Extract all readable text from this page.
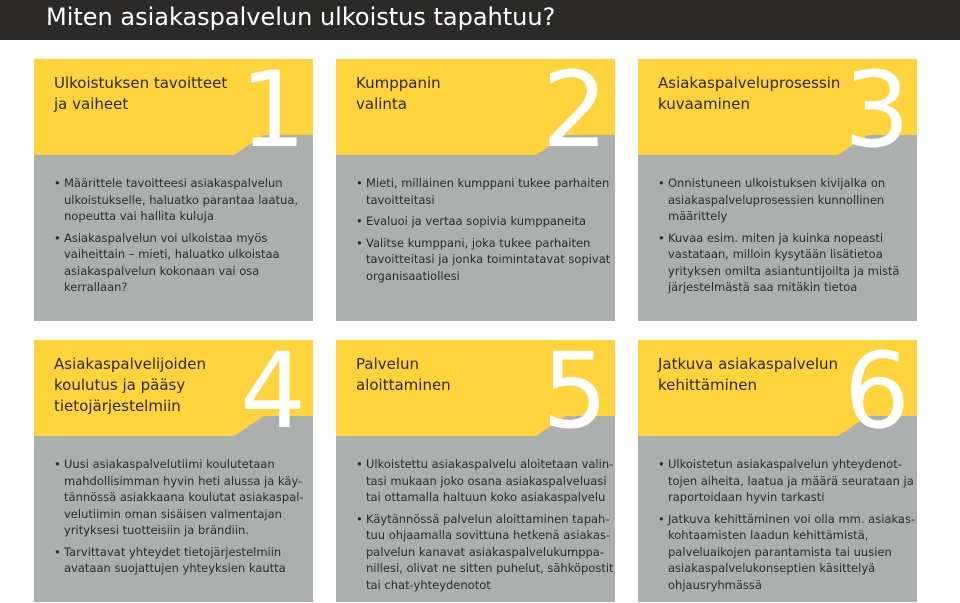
Miten asiakaspalvelun ulkoistus tapahtuu?
1
Ulkoistuksen tavoitteet
ja vaiheet
• Määrittele tavoitteesi asiakaspalvelun
ulkoistukselle, haluatko parantaa laatua,
nopeutta vai hallita kuluja
• Asiakaspalvelun voi ulkoistaa myös
vaiheittain – mieti, haluatko ulkoistaa
asiakaspalvelun kokonaan vai osa
kerrallaan?
2
Kumppanin
valinta
• Mieti, millainen kumppani tukee parhaiten
tavoitteitasi
• Evaluoi ja vertaa sopivia kumppaneita
• Valitse kumppani, joka tukee parhaiten
tavoitteitasi ja jonka toimintatavat sopivat
organisaatiollesi
3
Asiakaspalveluprosessin
kuvaaminen
• Onnistuneen ulkoistuksen kivijalka on
asiakaspalveluprosessien kunnollinen
määrittely
• Kuvaa esim. miten ja kuinka nopeasti
vastataan, milloin kysytään lisätietoa
yrityksen omilta asiantuntijoilta ja mistä
järjestelmästä saa mitäkin tietoa
4
Asiakaspalvelijoiden
koulutus ja pääsy
tietojärjestelmiin
• Uusi asiakaspalvelutiimi koulutetaan
mahdollisimman hyvin heti alussa ja käy-
tännössä asiakkaana koulutat asiakaspal-
velutiimin oman sisäisen valmentajan
yrityksesi tuotteisiin ja brändiin.
• Tarvittavat yhteydet tietojärjestelmiin
avataan suojattujen yhteyksien kautta
5
Palvelun
aloittaminen
• Ulkoistettu asiakaspalvelu aloitetaan valin-
tasi mukaan joko osana asiakaspalveluasi
tai ottamalla haltuun koko asiakaspalvelu
• Käytännössä palvelun aloittaminen tapah-
tuu ohjaamalla sovittuna hetkenä asiakas-
palvelun kanavat asiakaspalvelukumppa-
nillesi, olivat ne sitten puhelut, sähköpostit
tai chat-yhteydenotot
6
Jatkuva asiakaspalvelun
kehittäminen
• Ulkoistetun asiakaspalvelun yhteydenot-
tojen aiheita, laatua ja määrä seurataan ja
raportoidaan hyvin tarkasti
• Jatkuva kehittäminen voi olla mm. asiakas-
kohtaamisten laadun kehittämistä,
palveluaikojen parantamista tai uusien
asiakaspalvelukonseptien käsittelyä
ohjausryhmässä
